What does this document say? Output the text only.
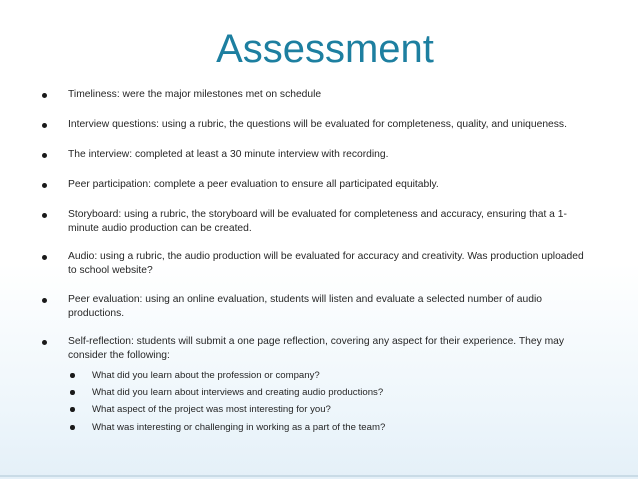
Assessment
Timeliness: were the major milestones met on schedule
Interview questions: using a rubric, the questions will be evaluated for completeness, quality, and uniqueness.
The interview: completed at least a 30 minute interview with recording.
Peer participation: complete a peer evaluation to ensure all participated equitably.
Storyboard: using a rubric, the storyboard will be evaluated for completeness and accuracy, ensuring that a 1-minute audio production can be created.
Audio: using a rubric, the audio production will be evaluated for accuracy and creativity. Was production uploaded to school website?
Peer evaluation: using an online evaluation, students will listen and evaluate a selected number of audio productions.
Self-reflection: students will submit a one page reflection, covering any aspect for their experience. They may consider the following:
What did you learn about the profession or company?
What did you learn about interviews and creating audio productions?
What aspect of the project was most interesting for you?
What was interesting or challenging in working as a part of the team?
